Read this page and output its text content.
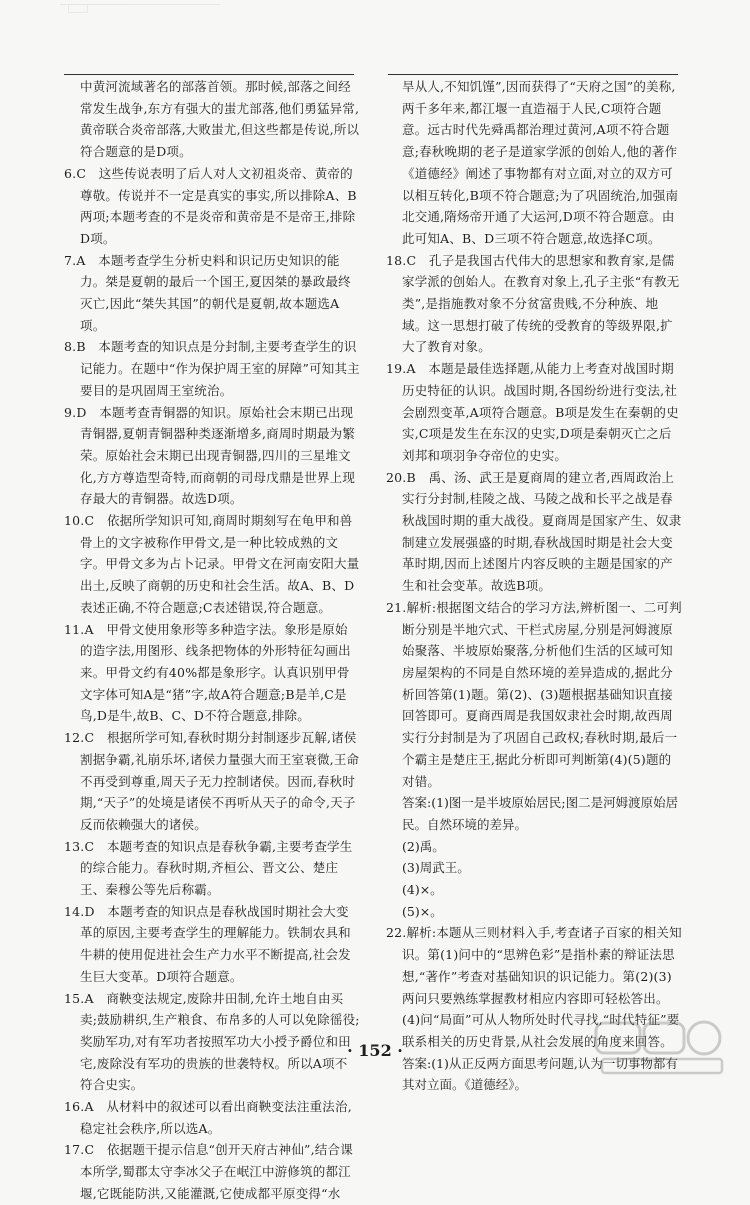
中黄河流域著名的部落首领。那时候,部落之间经常发生战争,东方有强大的蚩尤部落,他们勇猛异常,黄帝联合炎帝部落,大败蚩尤,但这些都是传说,所以符合题意的是D项。

6.C　这些传说表明了后人对人文初祖炎帝、黄帝的尊敬。传说并不一定是真实的事实,所以排除A、B两项;本题考查的不是炎帝和黄帝是不是帝王,排除D项。

7.A　本题考查学生分析史料和识记历史知识的能力。桀是夏朝的最后一个国王,夏因桀的暴政最终灭亡,因此“桀失其国”的朝代是夏朝,故本题选A项。

8.B　本题考查的知识点是分封制,主要考查学生的识记能力。在题中“作为保护周王室的屏障”可知其主要目的是巩固周王室统治。

9.D　本题考查青铜器的知识。原始社会末期已出现青铜器,夏朝青铜器种类逐渐增多,商周时期最为繁荣。原始社会末期已出现青铜器,四川的三星堆文化,方方尊造型奇特,而商朝的司母戊鼎是世界上现存最大的青铜器。故选D项。

10.C　依据所学知识可知,商周时期刻写在龟甲和兽骨上的文字被称作甲骨文,是一种比较成熟的文字。甲骨文多为占卜记录。甲骨文在河南安阳大量出土,反映了商朝的历史和社会生活。故A、B、D表述正确,不符合题意;C表述错误,符合题意。

11.A　甲骨文使用象形等多种造字法。象形是原始的造字法,用图形、线条把物体的外形特征勾画出来。甲骨文约有40%都是象形字。认真识别甲骨文字体可知A是“猪”字,故A符合题意;B是羊,C是鸟,D是牛,故B、C、D不符合题意,排除。

12.C　根据所学可知,春秋时期分封制逐步瓦解,诸侯割据争霸,礼崩乐坏,诸侯力量强大而王室衰微,王命不再受到尊重,周天子无力控制诸侯。因而,春秋时期,“天子”的处境是诸侯不再听从天子的命令,天子反而依赖强大的诸侯。

13.C　本题考查的知识点是春秋争霸,主要考查学生的综合能力。春秋时期,齐桓公、晋文公、楚庄王、秦穆公等先后称霸。

14.D　本题考查的知识点是春秋战国时期社会大变革的原因,主要考查学生的理解能力。铁制农具和牛耕的使用促进社会生产力水平不断提高,社会发生巨大变革。D项符合题意。

15.A　商鞅变法规定,废除井田制,允许土地自由买卖;鼓励耕织,生产粮食、布帛多的人可以免除徭役;奖励军功,对有军功者按照军功大小授予爵位和田宅,废除没有军功的贵族的世袭特权。所以A项不符合史实。

16.A　从材料中的叙述可以看出商鞅变法注重法治,稳定社会秩序,所以选A。

17.C　依据题干提示信息“创开天府古神仙”,结合课本所学,蜀郡太守李冰父子在岷江中游修筑的都江堰,它既能防洪,又能灌溉,它使成都平原变得“水

旱从人,不知饥馑”,因而获得了“天府之国”的美称,两千多年来,都江堰一直造福于人民,C项符合题意。远古时代先舜禹都治理过黄河,A项不符合题意;春秋晚期的老子是道家学派的创始人,他的著作《道德经》阐述了事物都有对立面,对立的双方可以相互转化,B项不符合题意;为了巩固统治,加强南北交通,隋炀帝开通了大运河,D项不符合题意。由此可知A、B、D三项不符合题意,故选择C项。

18.C　孔子是我国古代伟大的思想家和教育家,是儒家学派的创始人。在教育对象上,孔子主张“有教无类”,是指施教对象不分贫富贵贱,不分种族、地域。这一思想打破了传统的受教育的等级界限,扩大了教育对象。

19.A　本题是最佳选择题,从能力上考查对战国时期历史特征的认识。战国时期,各国纷纷进行变法,社会剧烈变革,A项符合题意。B项是发生在秦朝的史实,C项是发生在东汉的史实,D项是秦朝灭亡之后刘邦和项羽争夺帝位的史实。

20.B　禹、汤、武王是夏商周的建立者,西周政治上实行分封制,桂陵之战、马陵之战和长平之战是春秋战国时期的重大战役。夏商周是国家产生、奴隶制建立发展强盛的时期,春秋战国时期是社会大变革时期,因而上述图片内容反映的主题是国家的产生和社会变革。故选B项。

21.解析:根据图文结合的学习方法,辨析图一、二可判断分别是半地穴式、干栏式房屋,分别是河姆渡原始聚落、半坡原始聚落,分析他们生活的区域可知房屋架构的不同是自然环境的差异造成的,据此分析回答第(1)题。第(2)、(3)题根据基础知识直接回答即可。夏商西周是我国奴隶社会时期,故西周实行分封制是为了巩固自己政权;春秋时期,最后一个霸主是楚庄王,据此分析即可判断第(4)(5)题的对错。

答案:(1)图一是半坡原始居民;图二是河姆渡原始居民。自然环境的差异。

(2)禹。

(3)周武王。

(4)×。

(5)×。

22.解析:本题从三则材料入手,考查诸子百家的相关知识。第(1)问中的“思辨色彩”是指朴素的辩证法思想,“著作”考查对基础知识的识记能力。第(2)(3)两问只要熟练掌握教材相应内容即可轻松答出。(4)问“局面”可从人物所处时代寻找,“时代特征”要联系相关的历史背景,从社会发展的角度来回答。

答案:(1)从正反两方面思考问题,认为一切事物都有其对立面。《道德经》。

· 152 ·
